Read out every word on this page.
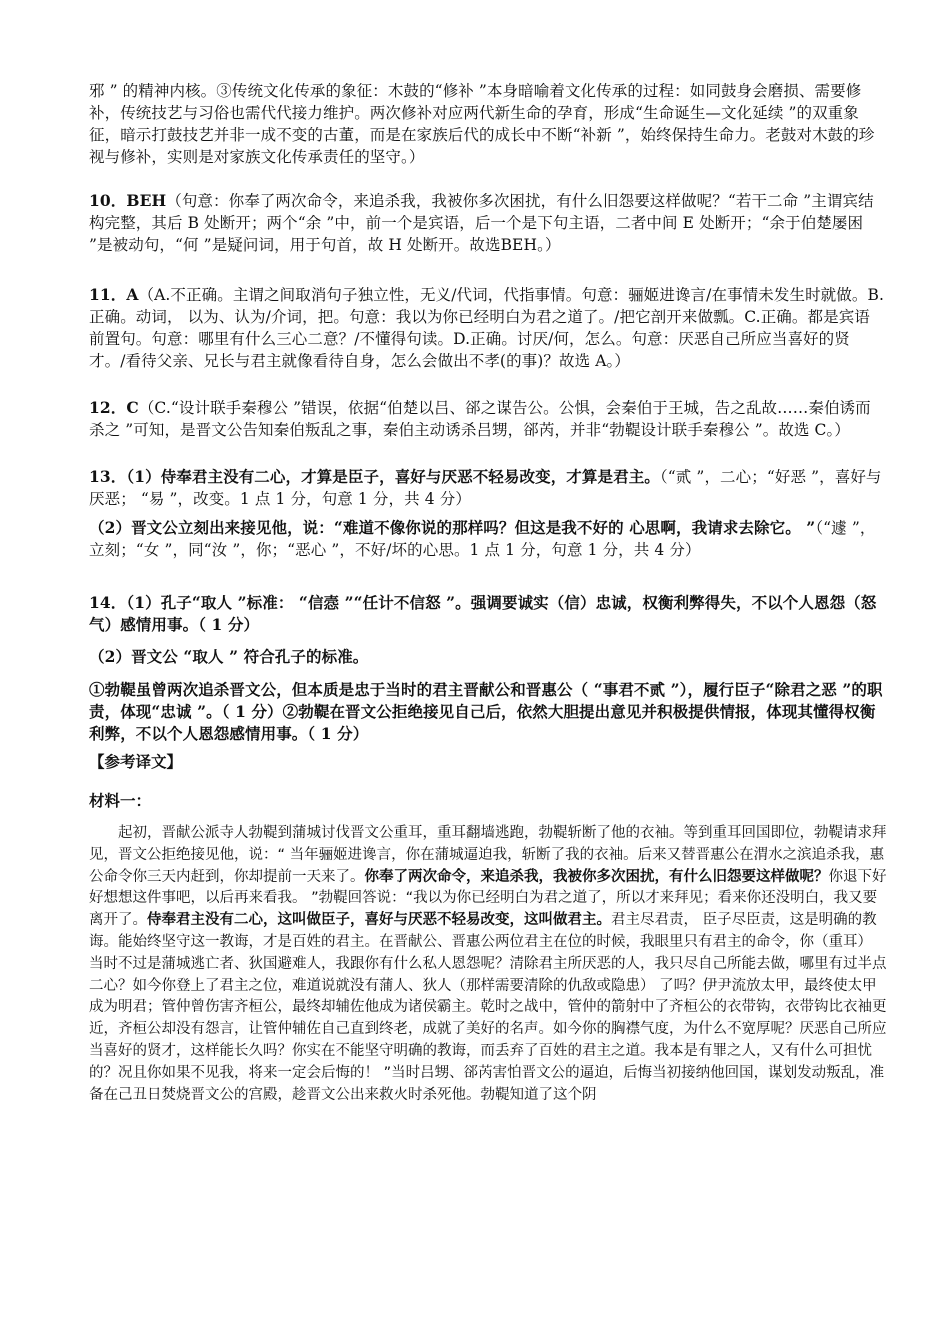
邪 ” 的精神内核。③传统文化传承的象征：木鼓的“修补 ”本身暗喻着文化传承的过程：如同鼓身会磨损、需要修补，传统技艺与习俗也需代代接力维护。两次修补对应两代新生命的孕育，形成“生命诞生—文化延续 ”的双重象征，暗示打鼓技艺并非一成不变的古董，而是在家族后代的成长中不断“补新 ”，始终保持生命力。老鼓对木鼓的珍视与修补，实则是对家族文化传承责任的坚守。）

10．BEH（句意：你奉了两次命令，来追杀我，我被你多次困扰，有什么旧怨要这样做呢？“若干二命 ”主谓宾结构完整，其后 B 处断开；两个“余 ”中，前一个是宾语，后一个是下句主语，二者中间 E 处断开；“余于伯楚屡困 ”是被动句，“何 ”是疑问词，用于句首，故 H 处断开。故选BEH。）

11．A（A.不正确。主谓之间取消句子独立性，无义/代词，代指事情。句意：骊姬进谗言/在事情未发生时就做。B.正确。动词， 以为、认为/介词，把。句意：我以为你已经明白为君之道了。/把它剖开来做瓢。C.正确。都是宾语前置句。句意：哪里有什么三心二意？/不懂得句读。D.正确。讨厌/何，怎么。句意：厌恶自己所应当喜好的贤才。/看待父亲、兄长与君主就像看待自身，怎么会做出不孝(的事)？故选 A。）

12．C（C.“设计联手秦穆公 ”错误，依据“伯楚以吕、郤之谋告公。公惧，会秦伯于王城，告之乱故……秦伯诱而杀之 ”可知，是晋文公告知秦伯叛乱之事，秦伯主动诱杀吕甥，郤芮，并非“勃鞮设计联手秦穆公 ”。故选 C。）

13．（1）侍奉君主没有二心，才算是臣子，喜好与厌恶不轻易改变，才算是君主。（“贰 ”，二心；“好恶 ”，喜好与厌恶； “易 ”，改变。1 点 1 分，句意 1 分，共 4 分）

（2）晋文公立刻出来接见他，说：“难道不像你说的那样吗？但这是我不好的 心思啊，我请求去除它。 ”（“遽 ”，立刻；“女 ”，同“汝 ”，你；“恶心 ”，不好/坏的心思。1 点 1 分，句意 1 分，共 4 分）

14．（1）孔子“取人 ”标准： “信悫 ”“任计不信怒 ”。强调要诚实（信）忠诚，权衡利弊得失，不以个人恩怨（怒气）感情用事。（ 1 分）

（2）晋文公 “取人 ” 符合孔子的标准。

①勃鞮虽曾两次追杀晋文公，但本质是忠于当时的君主晋献公和晋惠公（ “事君不贰 ”），履行臣子“除君之恶 ”的职责，体现“忠诚 ”。（ 1 分）②勃鞮在晋文公拒绝接见自己后，依然大胆提出意见并积极提供情报，体现其懂得权衡利弊，不以个人恩怨感情用事。（ 1 分）

【参考译文】

材料一：

起初，晋献公派寺人勃鞮到蒲城讨伐晋文公重耳，重耳翻墙逃跑，勃鞮斩断了他的衣袖。等到重耳回国即位，勃鞮请求拜见，晋文公拒绝接见他，说：“ 当年骊姬进谗言，你在蒲城逼迫我，斩断了我的衣袖。后来又替晋惠公在渭水之滨追杀我，惠公命令你三天内赶到，你却提前一天来了。你奉了两次命令，来追杀我，我被你多次困扰，有什么旧怨要这样做呢？你退下好好想想这件事吧，以后再来看我。 ”勃鞮回答说：“我以为你已经明白为君之道了，所以才来拜见；看来你还没明白，我又要离开了。侍奉君主没有二心，这叫做臣子，喜好与厌恶不轻易改变，这叫做君主。君主尽君责， 臣子尽臣责，这是明确的教诲。能始终坚守这一教诲，才是百姓的君主。在晋献公、晋惠公两位君主在位的时候，我眼里只有君主的命令，你（重耳） 当时不过是蒲城逃亡者、狄国避难人，我跟你有什么私人恩怨呢？清除君主所厌恶的人，我只尽自己所能去做，哪里有过半点二心？如今你登上了君主之位，难道说就没有蒲人、狄人（那样需要清除的仇敌或隐患） 了吗？伊尹流放太甲，最终使太甲成为明君；管仲曾伤害齐桓公，最终却辅佐他成为诸侯霸主。乾时之战中，管仲的箭射中了齐桓公的衣带钩，衣带钩比衣袖更近，齐桓公却没有怨言，让管仲辅佐自己直到终老，成就了美好的名声。如今你的胸襟气度，为什么不宽厚呢？厌恶自己所应当喜好的贤才，这样能长久吗？你实在不能坚守明确的教诲，而丢弃了百姓的君主之道。我本是有罪之人，又有什么可担忧的？况且你如果不见我，将来一定会后悔的！ ”当时吕甥、郤芮害怕晋文公的逼迫，后悔当初接纳他回国，谋划发动叛乱，准备在己丑日焚烧晋文公的宫殿，趁晋文公出来救火时杀死他。勃鞮知道了这个阴
